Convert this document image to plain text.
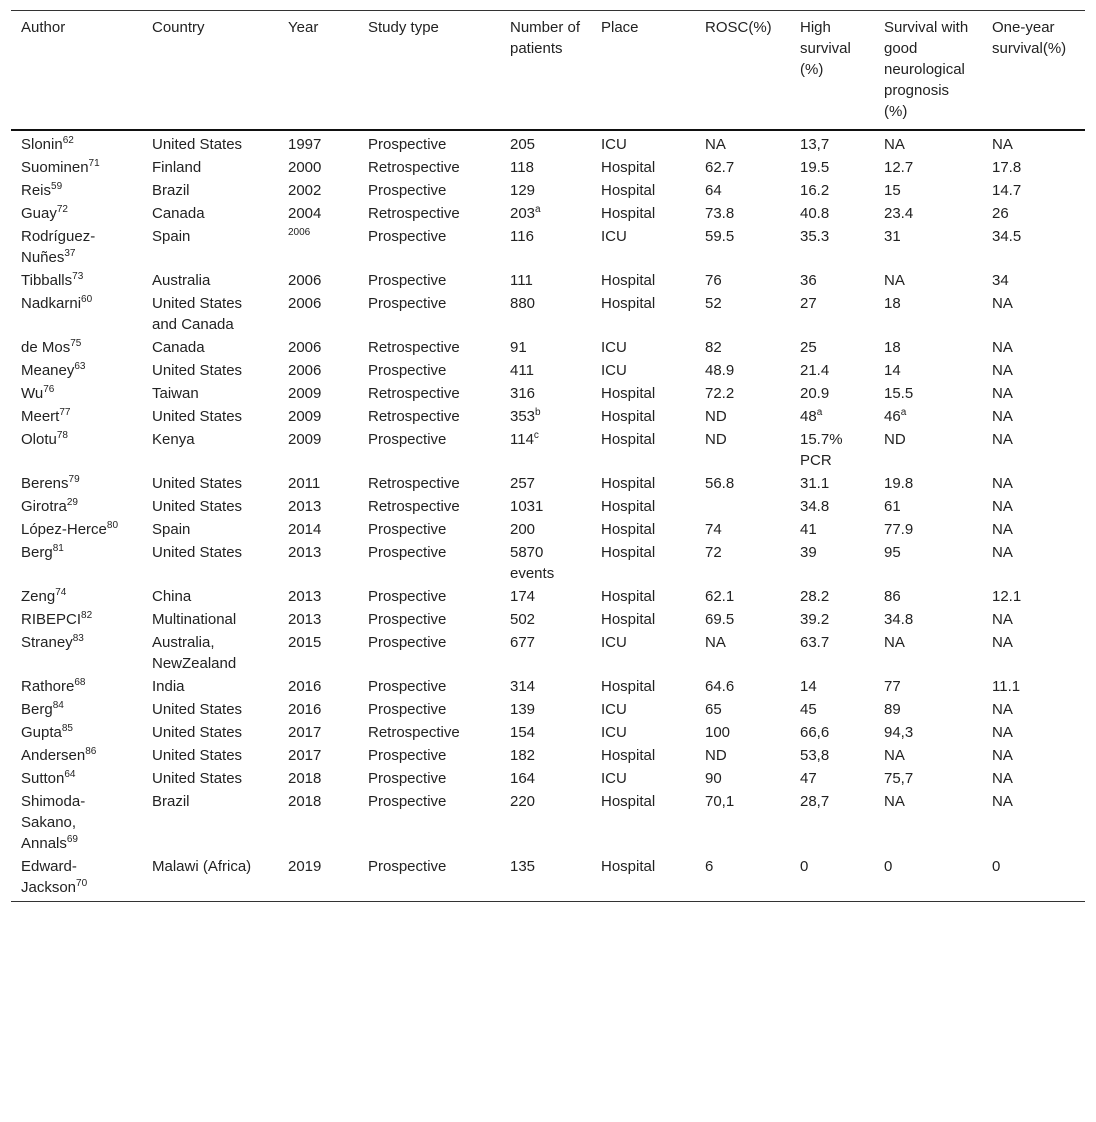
Author	Country	Year	Study type	Number of patients	Place	ROSC(%)	High survival (%)	Survival with good neurological prognosis (%)	One-year survival(%)
Slonin$^{62}$	United States	1997	Prospective	205	ICU	NA	13,7	NA	NA
Suominen$^{71}$	Finland	2000	Retrospective	118	Hospital	62.7	19.5	12.7	17.8
Reis$^{59}$	Brazil	2002	Prospective	129	Hospital	64	16.2	15	14.7
Guay$^{72}$	Canada	2004	Retrospective	203$^a$	Hospital	73.8	40.8	23.4	26
Rodríguez-Nuñes$^{37}$	Spain	$^{2006}$	Prospective	116	ICU	59.5	35.3	31	34.5
Tibballs$^{73}$	Australia	2006	Prospective	111	Hospital	76	36	NA	34
Nadkarni$^{60}$	United States and Canada	2006	Prospective	880	Hospital	52	27	18	NA
de Mos$^{75}$	Canada	2006	Retrospective	91	ICU	82	25	18	NA
Meaney$^{63}$	United States	2006	Prospective	411	ICU	48.9	21.4	14	NA
Wu$^{76}$	Taiwan	2009	Retrospective	316	Hospital	72.2	20.9	15.5	NA
Meert$^{77}$	United States	2009	Retrospective	353$^b$	Hospital	ND	48$^a$	46$^a$	NA
Olotu$^{78}$	Kenya	2009	Prospective	114$^c$	Hospital	ND	15.7% PCR	ND	NA
Berens$^{79}$	United States	2011	Retrospective	257	Hospital	56.8	31.1	19.8	NA
Girotra$^{29}$	United States	2013	Retrospective	1031	Hospital		34.8	61	NA
López-Herce$^{80}$	Spain	2014	Prospective	200	Hospital	74	41	77.9	NA
Berg$^{81}$	United States	2013	Prospective	5870 events	Hospital	72	39	95	NA
Zeng$^{74}$	China	2013	Prospective	174	Hospital	62.1	28.2	86	12.1
RIBEPCI$^{82}$	Multinational	2013	Prospective	502	Hospital	69.5	39.2	34.8	NA
Straney$^{83}$	Australia, NewZealand	2015	Prospective	677	ICU	NA	63.7	NA	NA
Rathore$^{68}$	India	2016	Prospective	314	Hospital	64.6	14	77	11.1
Berg$^{84}$	United States	2016	Prospective	139	ICU	65	45	89	NA
Gupta$^{85}$	United States	2017	Retrospective	154	ICU	100	66,6	94,3	NA
Andersen$^{86}$	United States	2017	Prospective	182	Hospital	ND	53,8	NA	NA
Sutton$^{64}$	United States	2018	Prospective	164	ICU	90	47	75,7	NA
Shimoda-Sakano, Annals$^{69}$	Brazil	2018	Prospective	220	Hospital	70,1	28,7	NA	NA
Edward-Jackson$^{70}$	Malawi (Africa)	2019	Prospective	135	Hospital	6	0	0	0
